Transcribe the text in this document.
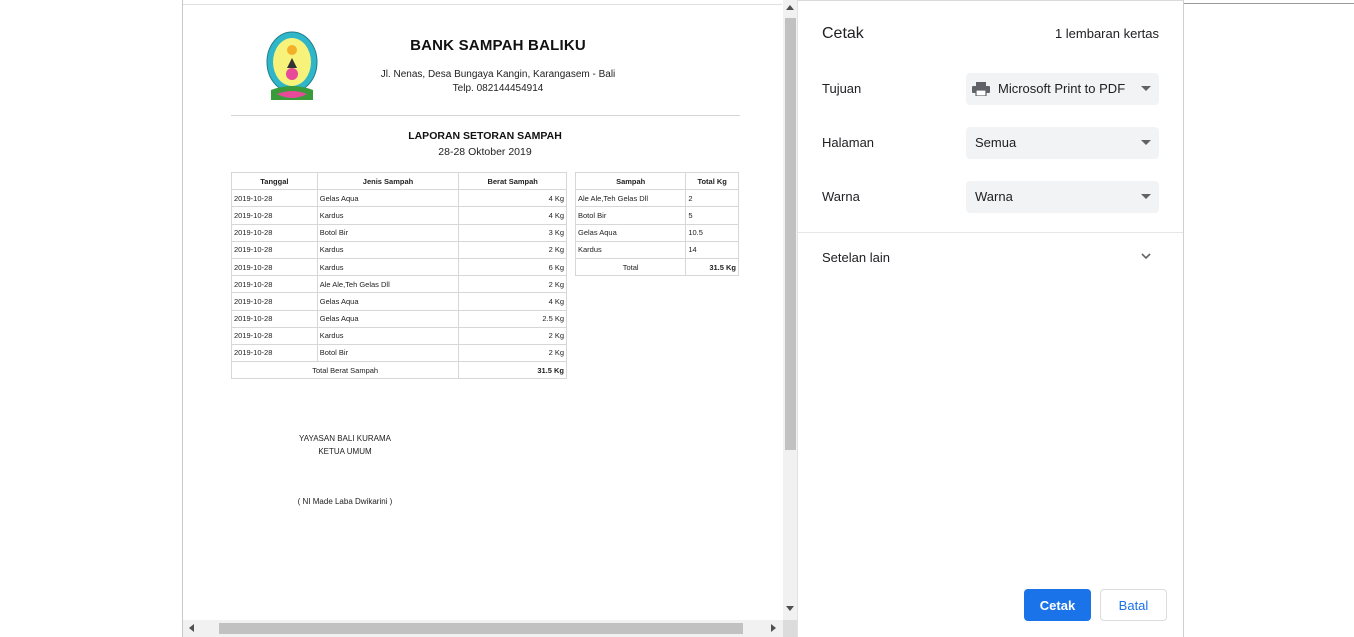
BANK SAMPAH BALIKU
Jl. Nenas, Desa Bungaya Kangin, Karangasem - Bali
Telp. 082144454914
LAPORAN SETORAN SAMPAH
28-28 Oktober 2019
Tanggal	Jenis Sampah	Berat Sampah
2019-10-28	Gelas Aqua	4 Kg
2019-10-28	Kardus	4 Kg
2019-10-28	Botol Bir	3 Kg
2019-10-28	Kardus	2 Kg
2019-10-28	Kardus	6 Kg
2019-10-28	Ale Ale,Teh Gelas Dll	2 Kg
2019-10-28	Gelas Aqua	4 Kg
2019-10-28	Gelas Aqua	2.5 Kg
2019-10-28	Kardus	2 Kg
2019-10-28	Botol Bir	2 Kg
Total Berat Sampah		31.5 Kg
Sampah	Total Kg
Ale Ale,Teh Gelas Dll	2
Botol Bir	5
Gelas Aqua	10.5
Kardus	14
Total	31.5 Kg
YAYASAN BALI KURAMA
KETUA UMUM
( NI Made Laba Dwikarini )
Cetak	1 lembaran kertas
Tujuan	Microsoft Print to PDF
Halaman	Semua
Warna	Warna
Setelan lain
Cetak	Batal
